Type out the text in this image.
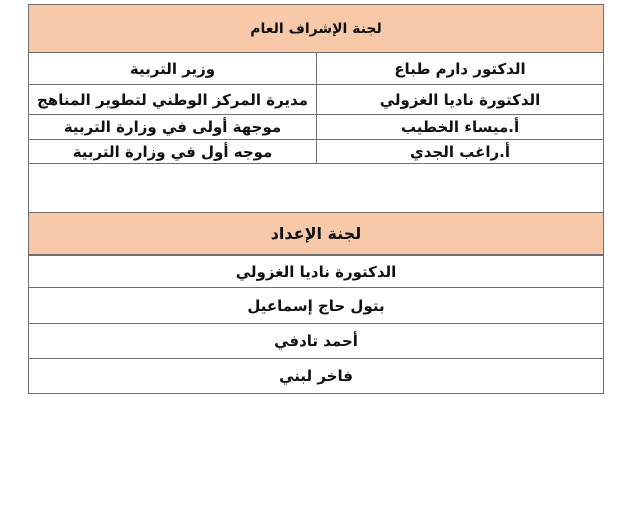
لجنة الإشراف العام
الدكتور دارم طباع
وزير التربية
الدكتورة ناديا الغزولي
مديرة المركز الوطني لتطوير المناهج
أ.ميساء الخطيب
موجهة أولى في وزارة التربية
أ.راغب الجدي
موجه أول في وزارة التربية
لجنة الإعداد
الدكتورة ناديا الغزولي
بتول حاج إسماعيل
أحمد تادفي
فاخر لبني
